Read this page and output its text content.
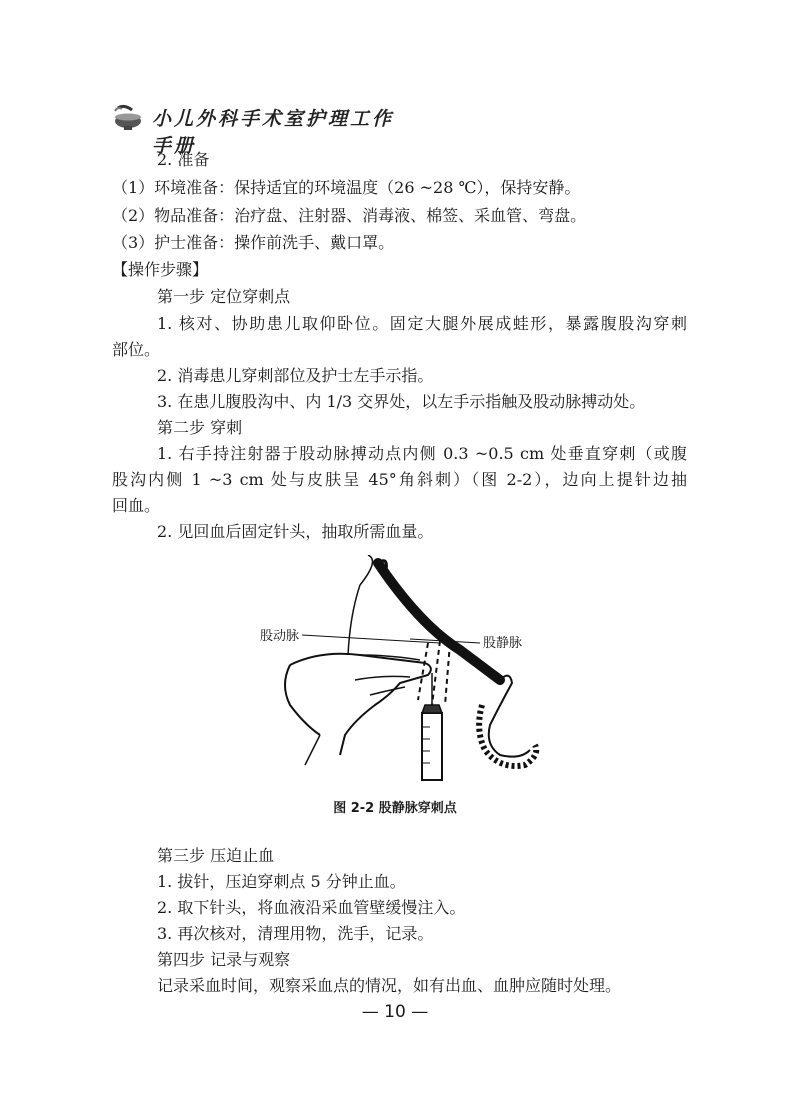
小儿外科手术室护理工作手册
2. 准备
（1）环境准备：保持适宜的环境温度（26 ~28 ℃），保持安静。
（2）物品准备：治疗盘、注射器、消毒液、棉签、采血管、弯盘。
（3）护士准备：操作前洗手、戴口罩。
【操作步骤】
第一步 定位穿刺点
1. 核对、协助患儿取仰卧位。固定大腿外展成蛙形，暴露腹股沟穿刺
部位。
2. 消毒患儿穿刺部位及护士左手示指。
3. 在患儿腹股沟中、内 1/3 交界处，以左手示指触及股动脉搏动处。
第二步 穿刺
1. 右手持注射器于股动脉搏动点内侧 0.3 ~0.5 cm 处垂直穿刺（或腹
股沟内侧 1 ~3 cm 处与皮肤呈 45°角斜刺）（图 2-2），边向上提针边抽
回血。
2. 见回血后固定针头，抽取所需血量。
股动脉	股静脉
图 2-2 股静脉穿刺点
第三步 压迫止血
1. 拔针，压迫穿刺点 5 分钟止血。
2. 取下针头，将血液沿采血管壁缓慢注入。
3. 再次核对，清理用物，洗手，记录。
第四步 记录与观察
记录采血时间，观察采血点的情况，如有出血、血肿应随时处理。
— 10 —
